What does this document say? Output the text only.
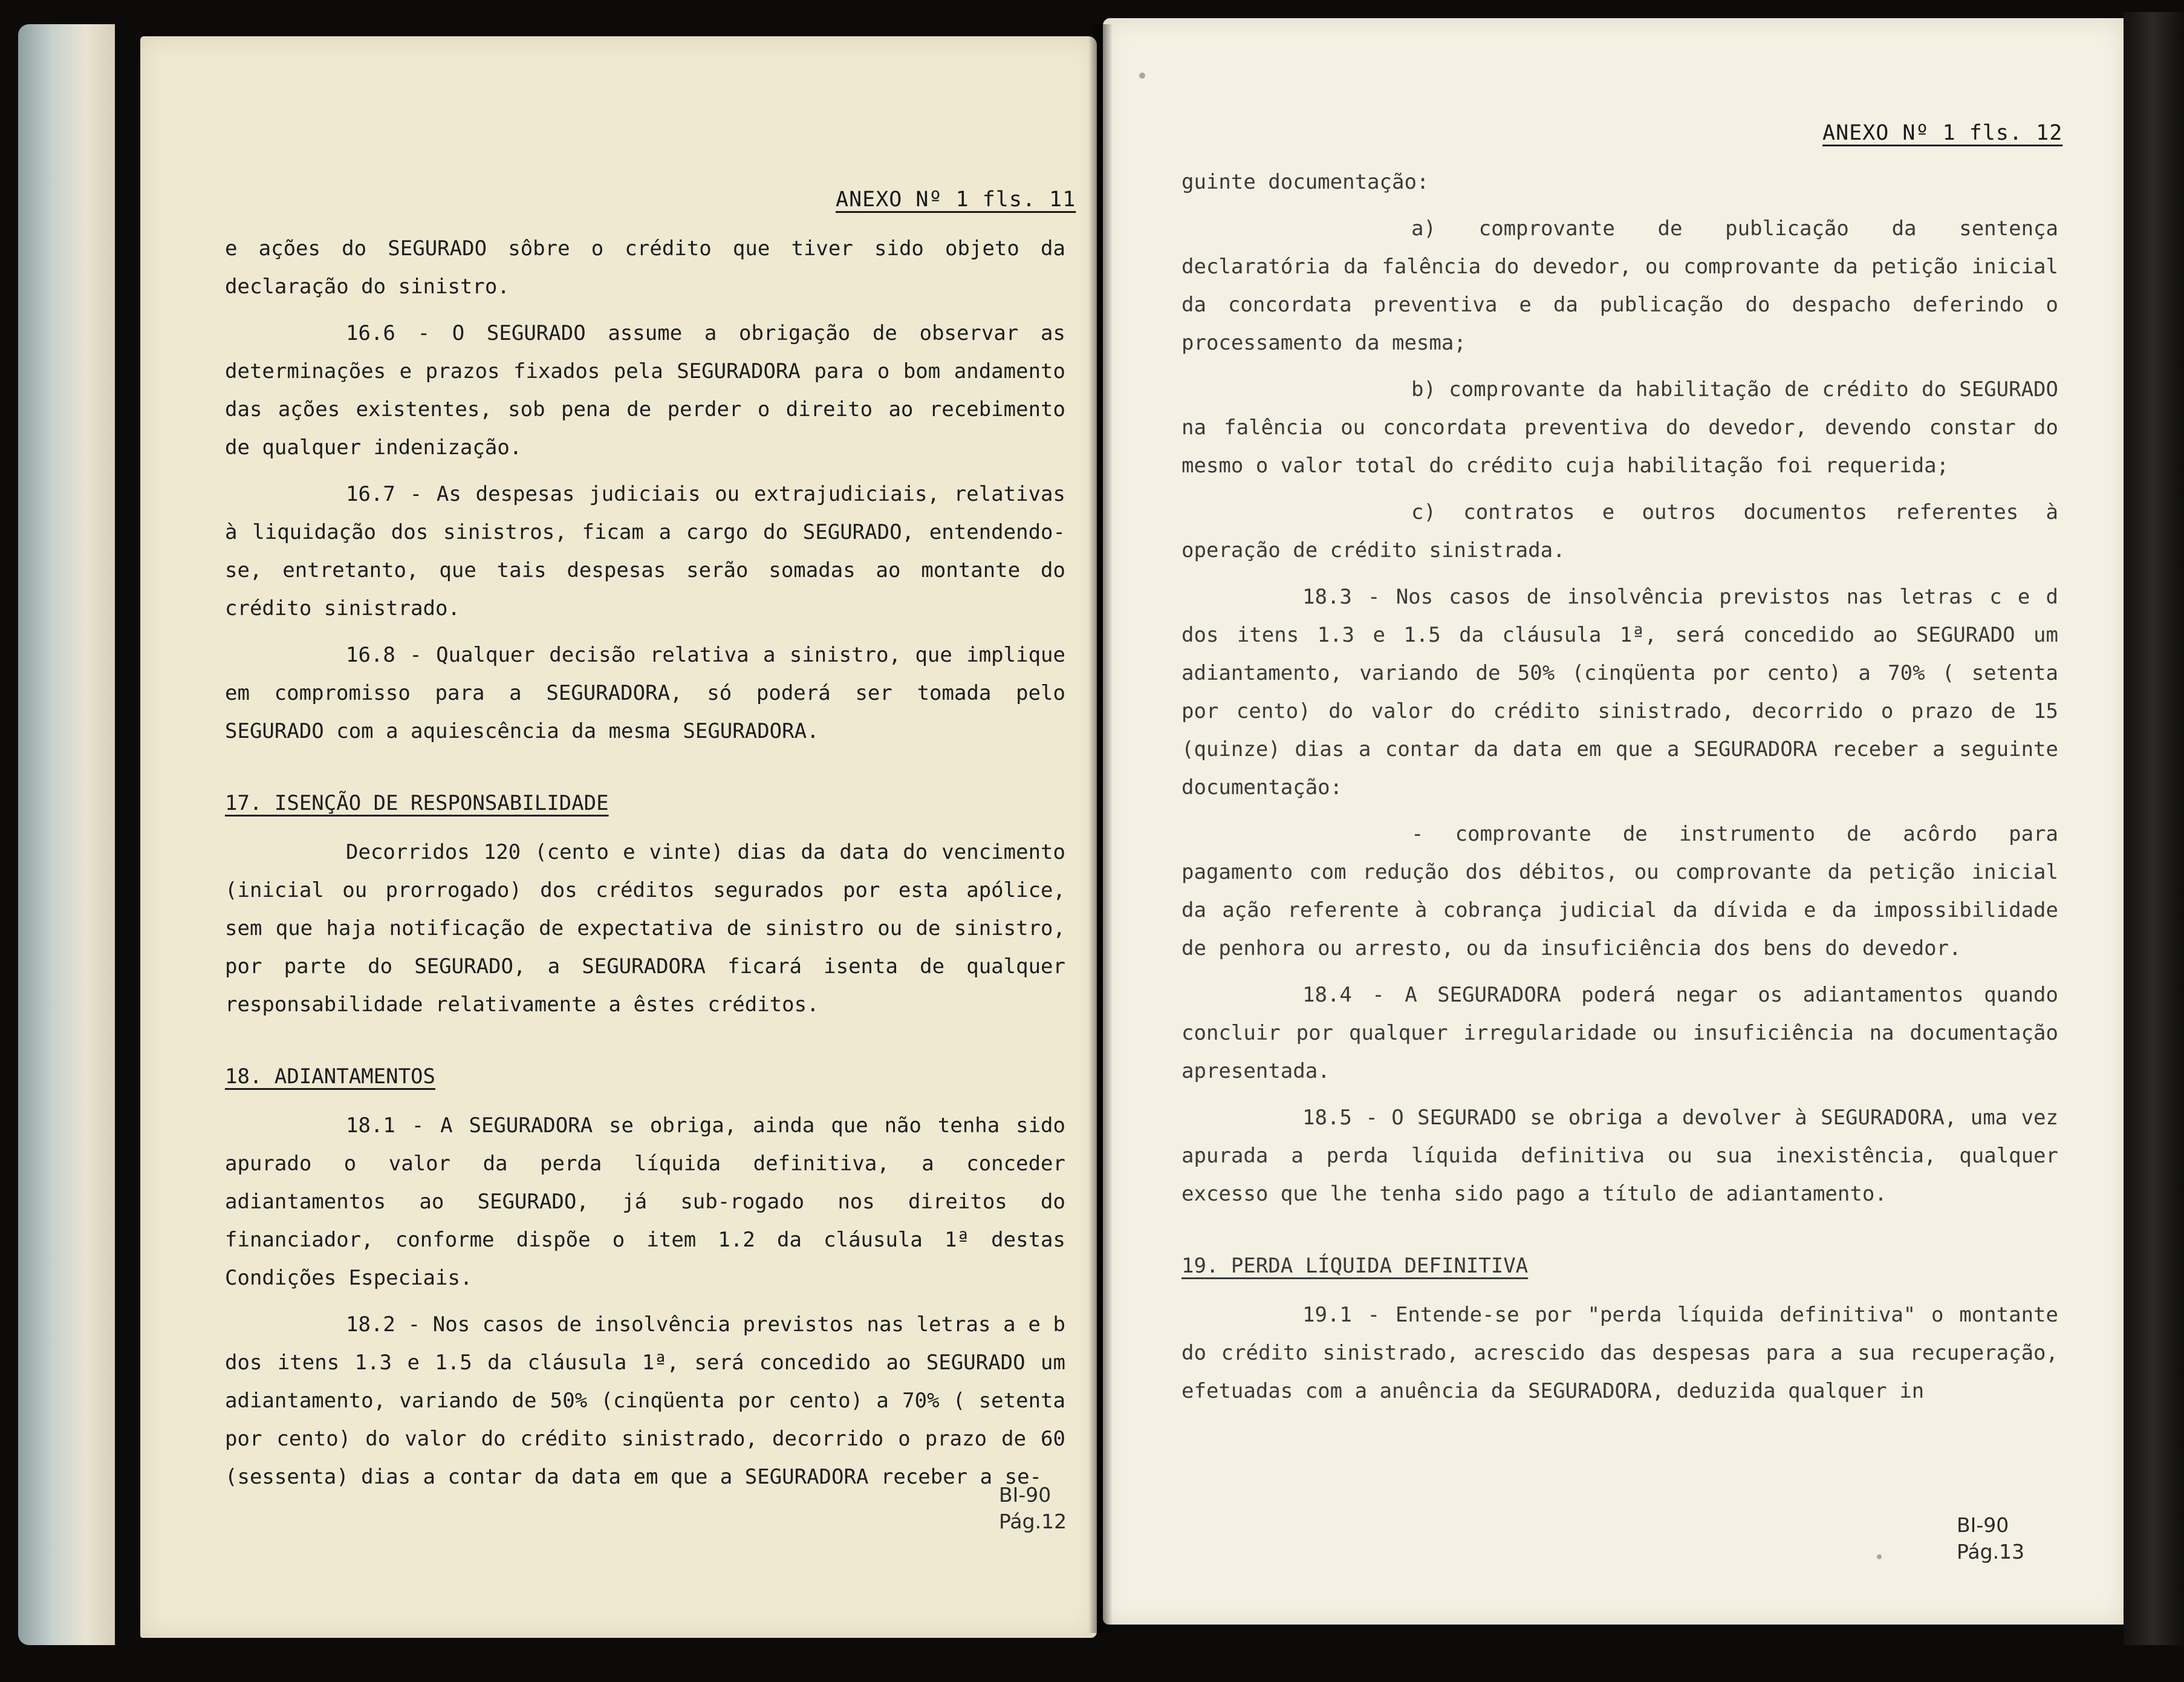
ANEXO Nº 1 fls. 11

e ações do SEGURADO sôbre o crédito que tiver sido objeto da declaração do sinistro.

16.6 - O SEGURADO assume a obrigação de observar as determinações e prazos fixados pela SEGURADORA para o bom andamento das ações existentes, sob pena de perder o direito ao recebimento de qualquer indenização.

16.7 - As despesas judiciais ou extrajudiciais, relativas à liquidação dos sinistros, ficam a cargo do SEGURADO, entendendo-se, entretanto, que tais despesas serão somadas ao montante do crédito sinistrado.

16.8 - Qualquer decisão relativa a sinistro, que implique em compromisso para a SEGURADORA, só poderá ser tomada pelo SEGURADO com a aquiescência da mesma SEGURADORA.

17. ISENÇÃO DE RESPONSABILIDADE

Decorridos 120 (cento e vinte) dias da data do vencimento (inicial ou prorrogado) dos créditos segurados por esta apólice, sem que haja notificação de expectativa de sinistro ou de sinistro, por parte do SEGURADO, a SEGURADORA ficará isenta de qualquer responsabilidade relativamente a êstes créditos.

18. ADIANTAMENTOS

18.1 - A SEGURADORA se obriga, ainda que não tenha sido apurado o valor da perda líquida definitiva, a conceder adiantamentos ao SEGURADO, já sub-rogado nos direitos do financiador, conforme dispõe o item 1.2 da cláusula 1ª destas Condições Especiais.

18.2 - Nos casos de insolvência previstos nas letras a e b dos itens 1.3 e 1.5 da cláusula 1ª, será concedido ao SEGURADO um adiantamento, variando de 50% (cinqüenta por cento) a 70% ( setenta por cento) do valor do crédito sinistrado, decorrido o prazo de 60 (sessenta) dias a contar da data em que a SEGURADORA receber a se-

BI-90
Pág.12
ANEXO Nº 1 fls. 12

guinte documentação:

a) comprovante de publicação da sentença declaratória da falência do devedor, ou comprovante da petição inicial da concordata preventiva e da publicação do despacho deferindo o processamento da mesma;

b) comprovante da habilitação de crédito do SEGURADO na falência ou concordata preventiva do devedor, devendo constar do mesmo o valor total do crédito cuja habilitação foi requerida;

c) contratos e outros documentos referentes à operação de crédito sinistrada.

18.3 - Nos casos de insolvência previstos nas letras c e d dos itens 1.3 e 1.5 da cláusula 1ª, será concedido ao SEGURADO um adiantamento, variando de 50% (cinqüenta por cento) a 70% ( setenta por cento) do valor do crédito sinistrado, decorrido o prazo de 15 (quinze) dias a contar da data em que a SEGURADORA receber a seguinte documentação:

- comprovante de instrumento de acôrdo para pagamento com redução dos débitos, ou comprovante da petição inicial da ação referente à cobrança judicial da dívida e da impossibilidade de penhora ou arresto, ou da insuficiência dos bens do devedor.

18.4 - A SEGURADORA poderá negar os adiantamentos quando concluir por qualquer irregularidade ou insuficiência na documentação apresentada.

18.5 - O SEGURADO se obriga a devolver à SEGURADORA, uma vez apurada a perda líquida definitiva ou sua inexistência, qualquer excesso que lhe tenha sido pago a título de adiantamento.

19. PERDA LÍQUIDA DEFINITIVA

19.1 - Entende-se por "perda líquida definitiva" o montante do crédito sinistrado, acrescido das despesas para a sua recuperação, efetuadas com a anuência da SEGURADORA, deduzida qualquer in

BI-90
Pág.13
